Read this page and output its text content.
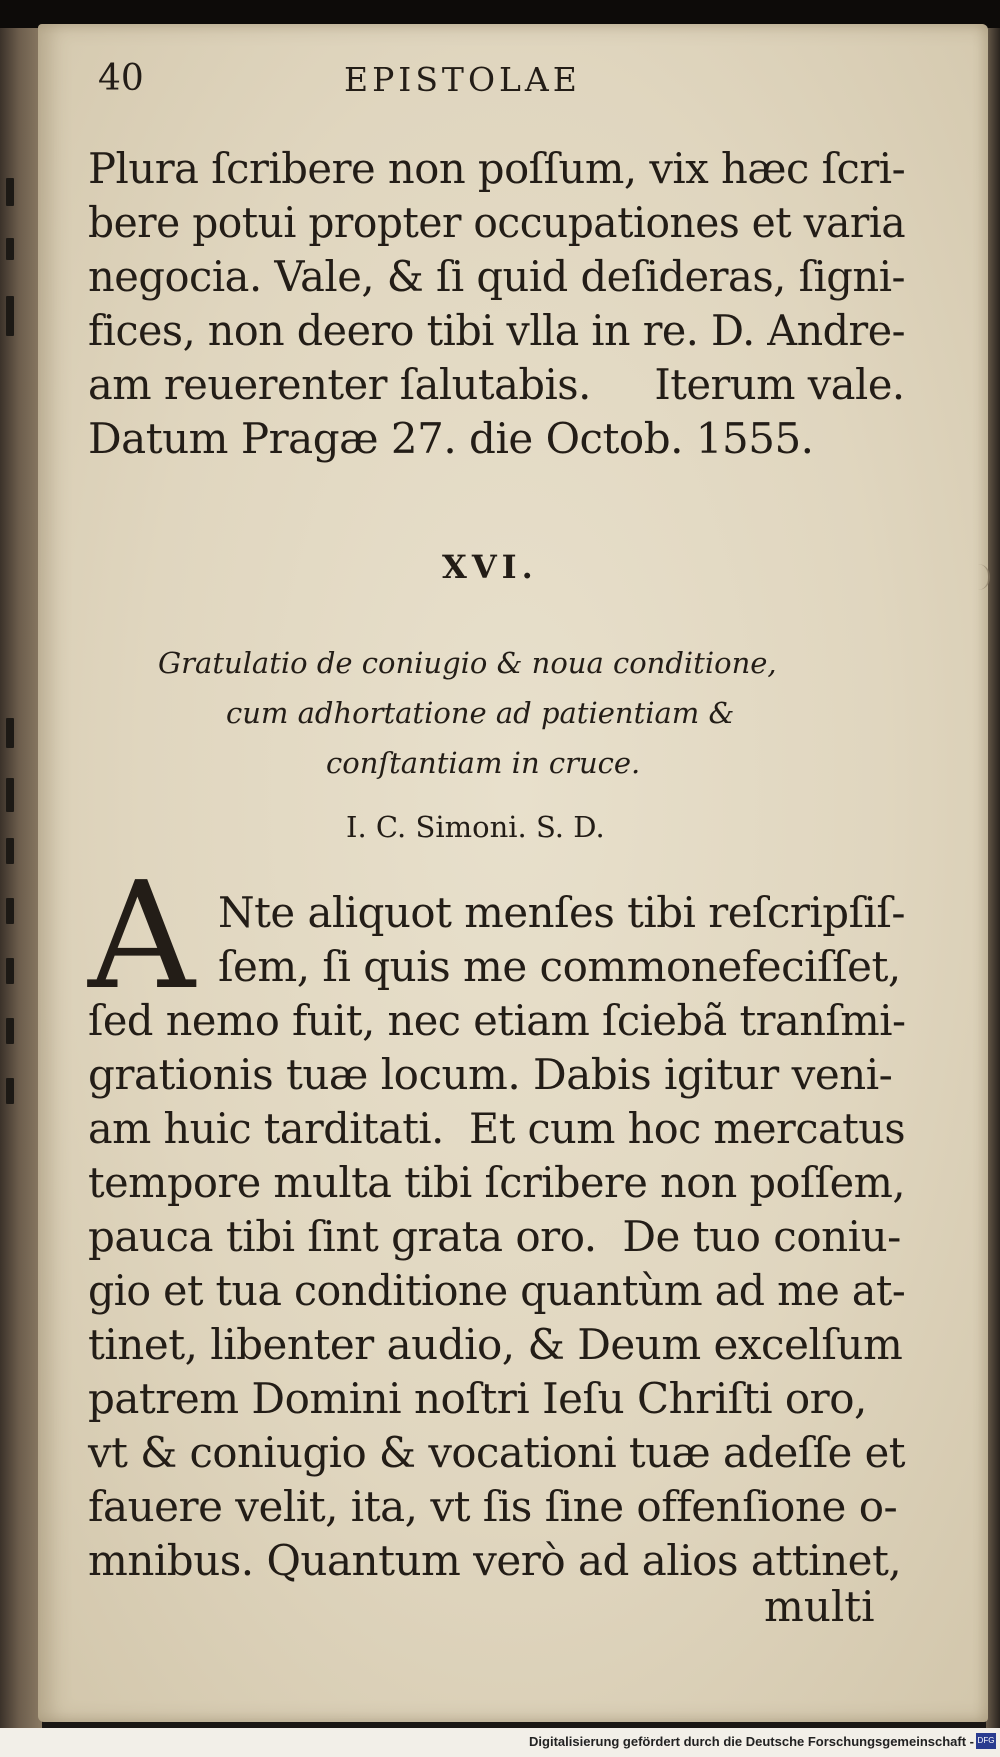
40	EPISTOLAE
Plura ſcribere non poſſum, vix hæc ſcri-
bere potui propter occupationes et varia
negocia. Vale, & ſi quid deſideras, ſigni-
fices, non deero tibi vlla in re. D. Andre-
am reuerenter ſalutabis.     Iterum vale.
Datum Pragæ 27. die Octob. 1555.
XVI.
Gratulatio de coniugio & noua conditione,
cum adhortatione ad patientiam &
conſtantiam in cruce.
I. C. Simoni. S. D.
A Nte aliquot menſes tibi reſcripſiſ-
ſem, ſi quis me commonefeciſſet,
ſed nemo fuit, nec etiam ſciebã tranſmi-
grationis tuæ locum. Dabis igitur veni-
am huic tarditati.  Et cum hoc mercatus
tempore multa tibi ſcribere non poſſem,
pauca tibi ſint grata oro.  De tuo coniu-
gio et tua conditione quantùm ad me at-
tinet, libenter audio, & Deum excelſum
patrem Domini noſtri Ieſu Chriſti oro,
vt & coniugio & vocationi tuæ adeſſe et
fauere velit, ita, vt ſis ſine offenſione o-
mnibus. Quantum verò ad alios attinet,
multi
Digitalisierung gefördert durch die Deutsche Forschungsgemeinschaft - DFG
